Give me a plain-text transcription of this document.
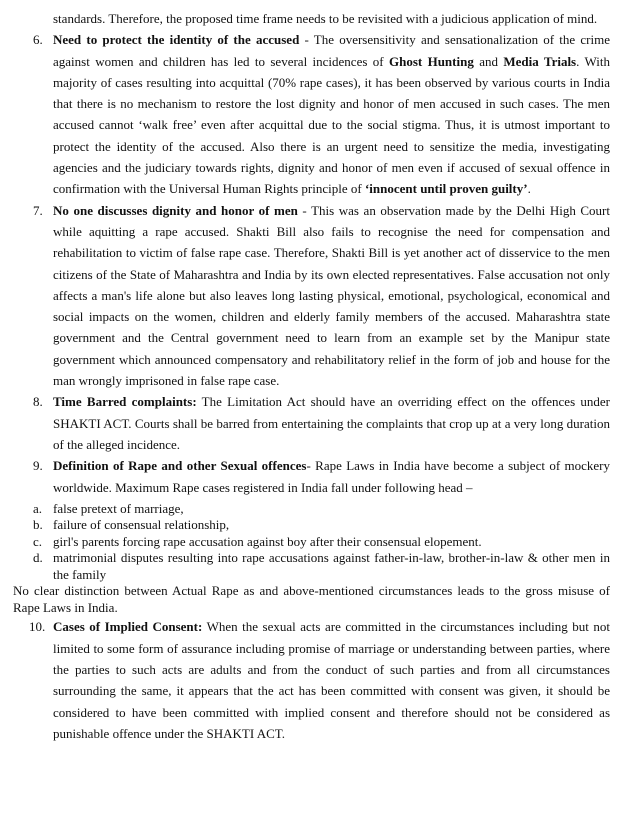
standards. Therefore, the proposed time frame needs to be revisited with a judicious application of mind.
6. Need to protect the identity of the accused - The oversensitivity and sensationalization of the crime against women and children has led to several incidences of Ghost Hunting and Media Trials. With majority of cases resulting into acquittal (70% rape cases), it has been observed by various courts in India that there is no mechanism to restore the lost dignity and honor of men accused in such cases. The men accused cannot ‘walk free’ even after acquittal due to the social stigma. Thus, it is utmost important to protect the identity of the accused. Also there is an urgent need to sensitize the media, investigating agencies and the judiciary towards rights, dignity and honor of men even if accused of sexual offence in confirmation with the Universal Human Rights principle of ‘innocent until proven guilty’.
7. No one discusses dignity and honor of men - This was an observation made by the Delhi High Court while aquitting a rape accused. Shakti Bill also fails to recognise the need for compensation and rehabilitation to victim of false rape case. Therefore, Shakti Bill is yet another act of disservice to the men citizens of the State of Maharashtra and India by its own elected representatives. False accusation not only affects a man's life alone but also leaves long lasting physical, emotional, psychological, economical and social impacts on the women, children and elderly family members of the accused. Maharashtra state government and the Central government need to learn from an example set by the Manipur state government which announced compensatory and rehabilitatory relief in the form of job and house for the man wrongly imprisoned in false rape case.
8. Time Barred complaints: The Limitation Act should have an overriding effect on the offences under SHAKTI ACT. Courts shall be barred from entertaining the complaints that crop up at a very long duration of the alleged incidence.
9. Definition of Rape and other Sexual offences- Rape Laws in India have become a subject of mockery worldwide. Maximum Rape cases registered in India fall under following head –
a. false pretext of marriage,
b. failure of consensual relationship,
c. girl's parents forcing rape accusation against boy after their consensual elopement.
d. matrimonial disputes resulting into rape accusations against father-in-law, brother-in-law & other men in the family
No clear distinction between Actual Rape as and above-mentioned circumstances leads to the gross misuse of Rape Laws in India.
10. Cases of Implied Consent: When the sexual acts are committed in the circumstances including but not limited to some form of assurance including promise of marriage or understanding between parties, where the parties to such acts are adults and from the conduct of such parties and from all circumstances surrounding the same, it appears that the act has been committed with consent was given, it should be considered to have been committed with implied consent and therefore should not be considered as punishable offence under the SHAKTI ACT.
